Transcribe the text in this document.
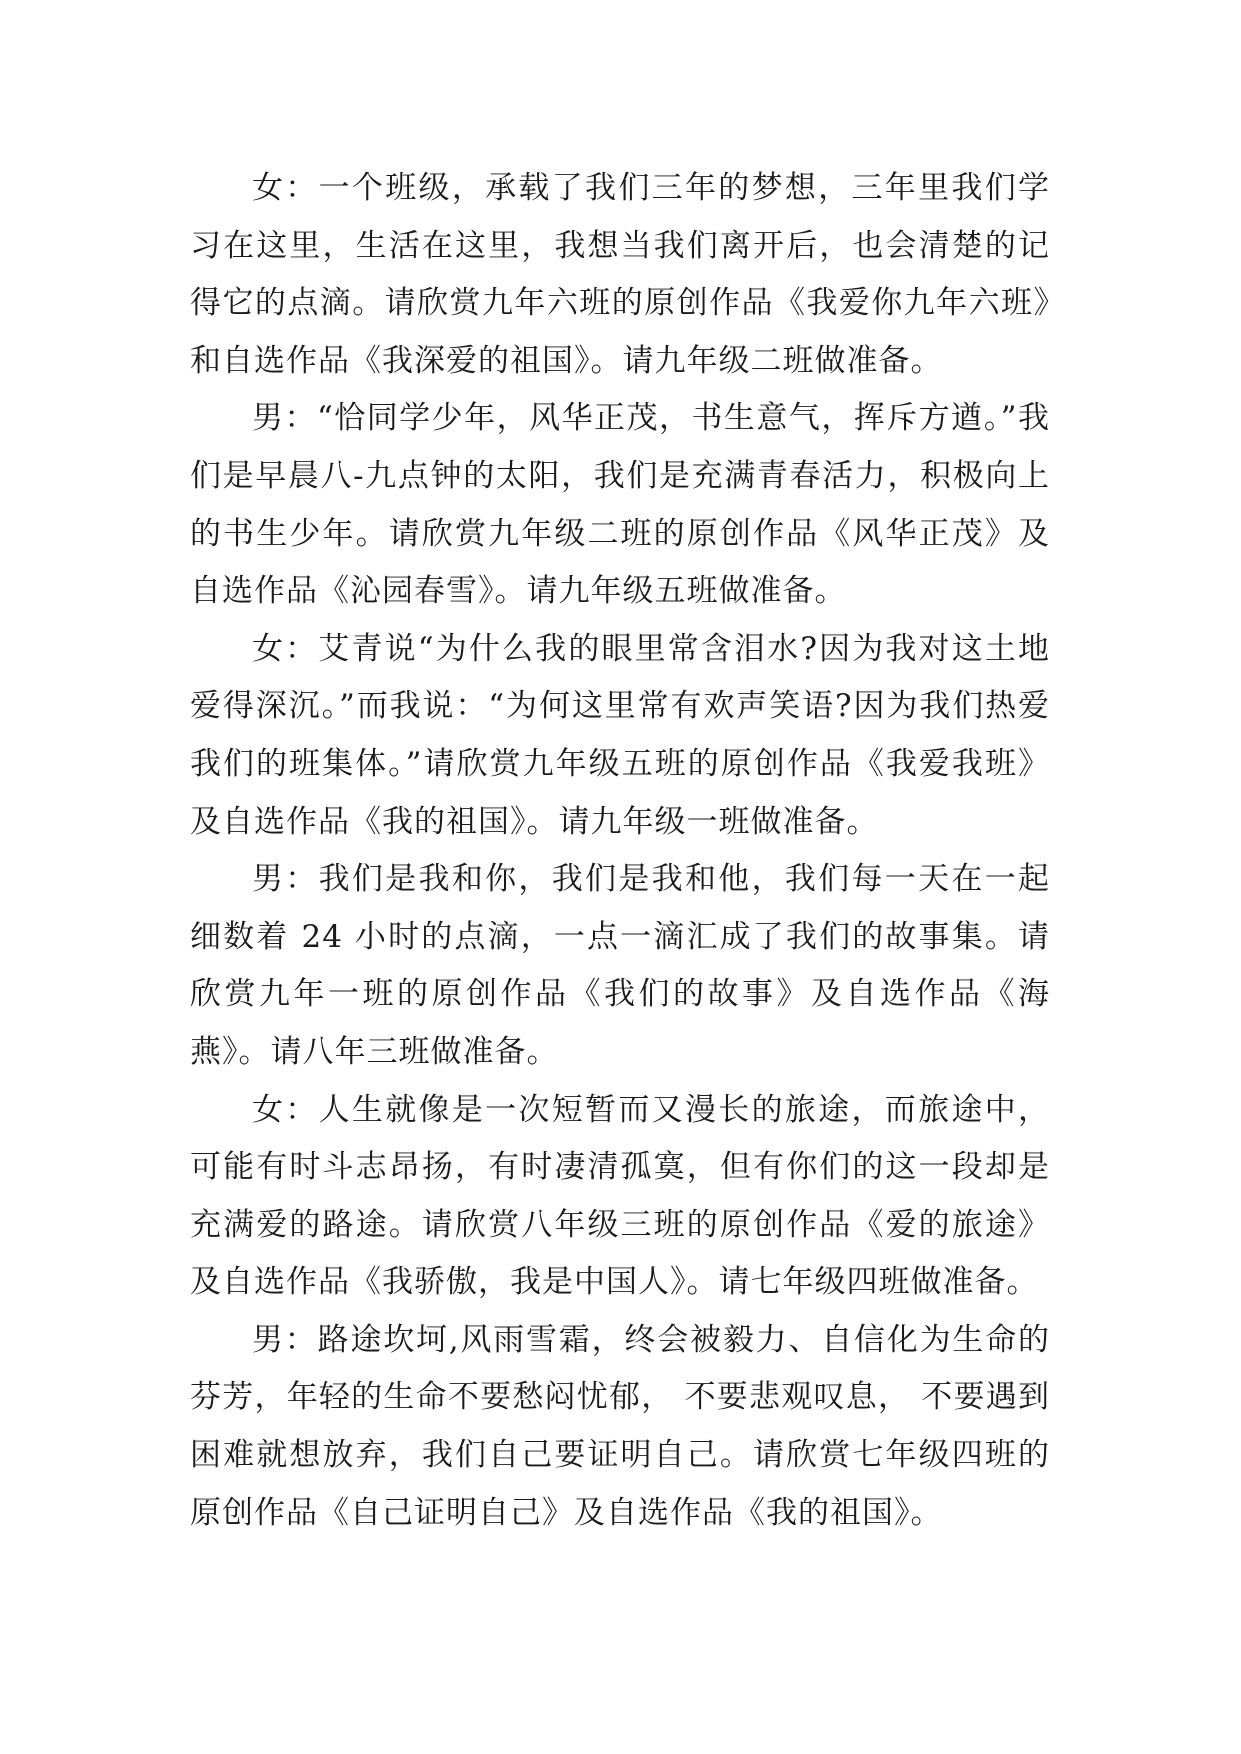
女：一个班级，承载了我们三年的梦想，三年里我们学习在这里，生活在这里，我想当我们离开后，也会清楚的记得它的点滴。请欣赏九年六班的原创作品《我爱你九年六班》和自选作品《我深爱的祖国》。请九年级二班做准备。

男：“恰同学少年，风华正茂，书生意气，挥斥方遒。”我们是早晨八-九点钟的太阳，我们是充满青春活力，积极向上的书生少年。请欣赏九年级二班的原创作品《风华正茂》及自选作品《沁园春雪》。请九年级五班做准备。

女：艾青说“为什么我的眼里常含泪水?因为我对这土地爱得深沉。”而我说：“为何这里常有欢声笑语?因为我们热爱我们的班集体。”请欣赏九年级五班的原创作品《我爱我班》及自选作品《我的祖国》。请九年级一班做准备。

男：我们是我和你，我们是我和他，我们每一天在一起细数着 24 小时的点滴，一点一滴汇成了我们的故事集。请欣赏九年一班的原创作品《我们的故事》及自选作品《海燕》。请八年三班做准备。

女：人生就像是一次短暂而又漫长的旅途，而旅途中，可能有时斗志昂扬，有时凄清孤寞，但有你们的这一段却是充满爱的路途。请欣赏八年级三班的原创作品《爱的旅途》及自选作品《我骄傲，我是中国人》。请七年级四班做准备。

男：路途坎坷,风雨雪霜，终会被毅力、自信化为生命的芬芳，年轻的生命不要愁闷忧郁， 不要悲观叹息， 不要遇到困难就想放弃，我们自己要证明自己。请欣赏七年级四班的原创作品《自己证明自己》及自选作品《我的祖国》。
